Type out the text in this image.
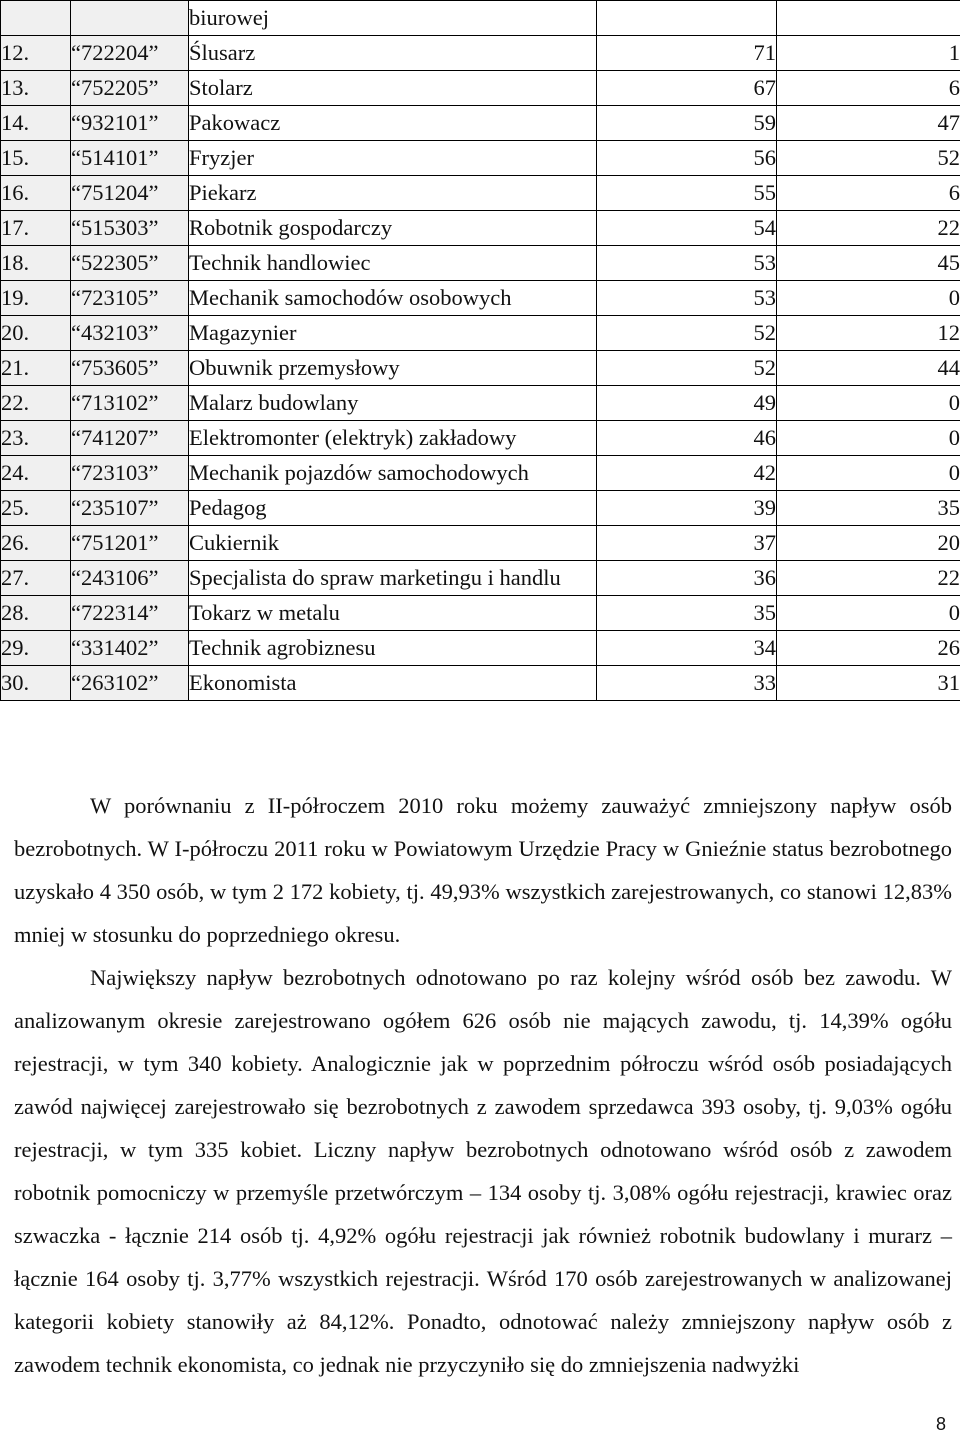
		biurowej		
12.	“722204”	Ślusarz	71	1
13.	“752205”	Stolarz	67	6
14.	“932101”	Pakowacz	59	47
15.	“514101”	Fryzjer	56	52
16.	“751204”	Piekarz	55	6
17.	“515303”	Robotnik gospodarczy	54	22
18.	“522305”	Technik handlowiec	53	45
19.	“723105”	Mechanik samochodów osobowych	53	0
20.	“432103”	Magazynier	52	12
21.	“753605”	Obuwnik przemysłowy	52	44
22.	“713102”	Malarz budowlany	49	0
23.	“741207”	Elektromonter (elektryk) zakładowy	46	0
24.	“723103”	Mechanik pojazdów samochodowych	42	0
25.	“235107”	Pedagog	39	35
26.	“751201”	Cukiernik	37	20
27.	“243106”	Specjalista do spraw marketingu i handlu	36	22
28.	“722314”	Tokarz w metalu	35	0
29.	“331402”	Technik agrobiznesu	34	26
30.	“263102”	Ekonomista	33	31

W porównaniu z II-półroczem 2010 roku możemy zauważyć zmniejszony napływ osób bezrobotnych. W I-półroczu 2011 roku w Powiatowym Urzędzie Pracy w Gnieźnie status bezrobotnego uzyskało 4 350 osób, w tym 2 172 kobiety, tj. 49,93% wszystkich zarejestrowanych, co stanowi 12,83% mniej w stosunku do poprzedniego okresu.

Największy napływ bezrobotnych odnotowano po raz kolejny wśród osób bez zawodu. W analizowanym okresie zarejestrowano ogółem 626 osób nie mających zawodu, tj. 14,39% ogółu rejestracji, w tym 340 kobiety. Analogicznie jak w poprzednim półroczu wśród osób posiadających zawód najwięcej zarejestrowało się bezrobotnych z zawodem sprzedawca 393 osoby, tj. 9,03% ogółu rejestracji, w tym 335 kobiet. Liczny napływ bezrobotnych odnotowano wśród osób z zawodem robotnik pomocniczy w przemyśle przetwórczym – 134 osoby tj. 3,08% ogółu rejestracji, krawiec oraz szwaczka - łącznie 214 osób tj. 4,92% ogółu rejestracji jak również robotnik budowlany i murarz – łącznie 164 osoby tj. 3,77% wszystkich rejestracji. Wśród 170 osób zarejestrowanych w analizowanej kategorii kobiety stanowiły aż 84,12%. Ponadto, odnotować należy zmniejszony napływ osób z zawodem technik ekonomista, co jednak nie przyczyniło się do zmniejszenia nadwyżki

8
